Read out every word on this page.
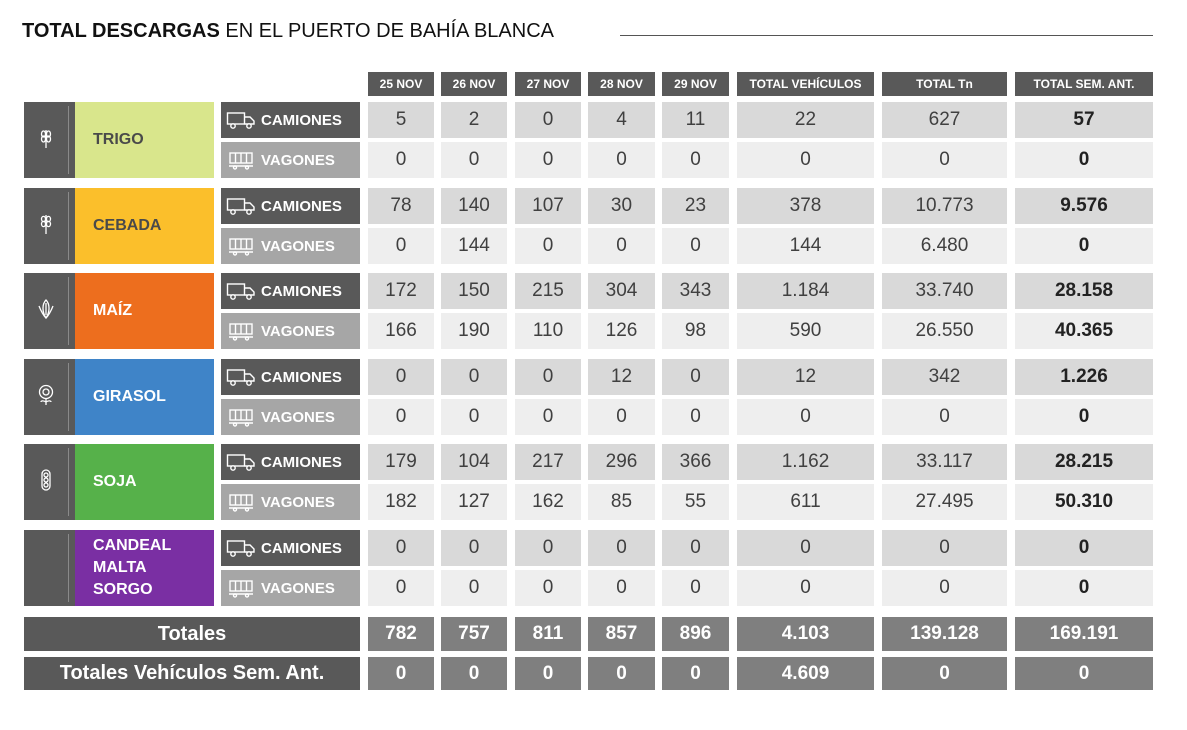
TOTAL DESCARGAS EN EL PUERTO DE BAHÍA BLANCA
25 NOV	26 NOV	27 NOV	28 NOV	29 NOV	TOTAL VEHÍCULOS	TOTAL Tn	TOTAL SEM. ANT.
TRIGO
CAMIONES	5	2	0	4	11	22	627	57
VAGONES	0	0	0	0	0	0	0	0
CEBADA
CAMIONES	78	140	107	30	23	378	10.773	9.576
VAGONES	0	144	0	0	0	144	6.480	0
MAÍZ
CAMIONES	172	150	215	304	343	1.184	33.740	28.158
VAGONES	166	190	110	126	98	590	26.550	40.365
GIRASOL
CAMIONES	0	0	0	12	0	12	342	1.226
VAGONES	0	0	0	0	0	0	0	0
SOJA
CAMIONES	179	104	217	296	366	1.162	33.117	28.215
VAGONES	182	127	162	85	55	611	27.495	50.310
CANDEAL
MALTA
SORGO
CAMIONES	0	0	0	0	0	0	0	0
VAGONES	0	0	0	0	0	0	0	0
Totales	782	757	811	857	896	4.103	139.128	169.191
Totales Vehículos Sem. Ant.	0	0	0	0	0	4.609	0	0
